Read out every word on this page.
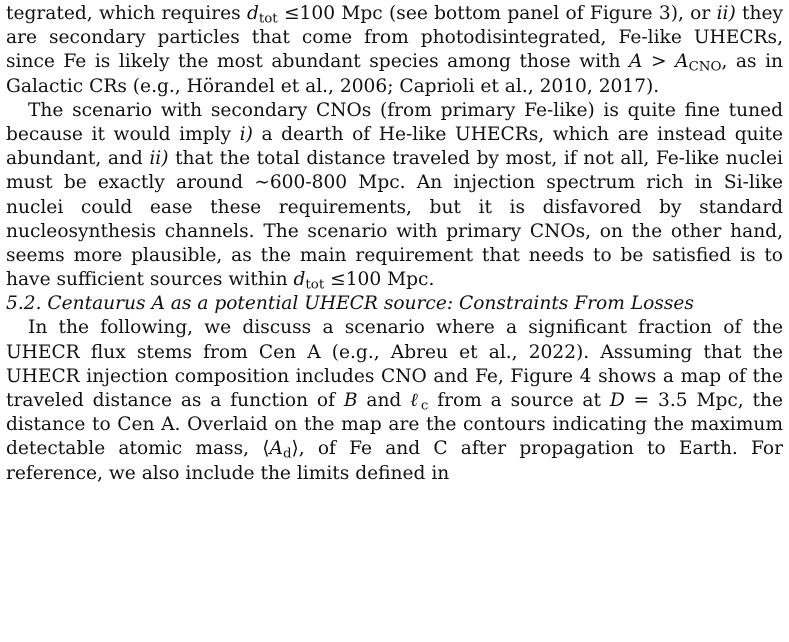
tegrated, which requires $d_{tot} \le 100$ Mpc (see bottom panel of Figure 3), or ii) they are secondary particles that come from photodisintegrated, Fe-like UHECRs, since Fe is likely the most abundant species among those with $A > A_{CNO}$, as in Galactic CRs (e.g., Hörandel et al., 2006; Caprioli et al., 2010, 2017).

The scenario with secondary CNOs (from primary Fe-like) is quite fine tuned because it would imply i) a dearth of He-like UHECRs, which are instead quite abundant, and ii) that the total distance traveled by most, if not all, Fe-like nuclei must be exactly around ∼600-800 Mpc. An injection spectrum rich in Si-like nuclei could ease these requirements, but it is disfavored by standard nucleosynthesis channels. The scenario with primary CNOs, on the other hand, seems more plausible, as the main requirement that needs to be satisfied is to have sufficient sources within $d_{tot} \le 100$ Mpc.

5.2. Centaurus A as a potential UHECR source: Constraints From Losses

In the following, we discuss a scenario where a significant fraction of the UHECR flux stems from Cen A (e.g., Abreu et al., 2022). Assuming that the UHECR injection composition includes CNO and Fe, Figure 4 shows a map of the traveled distance as a function of B and ℓ$_c$ from a source at D = 3.5 Mpc, the distance to Cen A. Overlaid on the map are the contours indicating the maximum detectable atomic mass, $⟨A_d⟩$, of Fe and C after propagation to Earth. For reference, we also include the limits defined in
